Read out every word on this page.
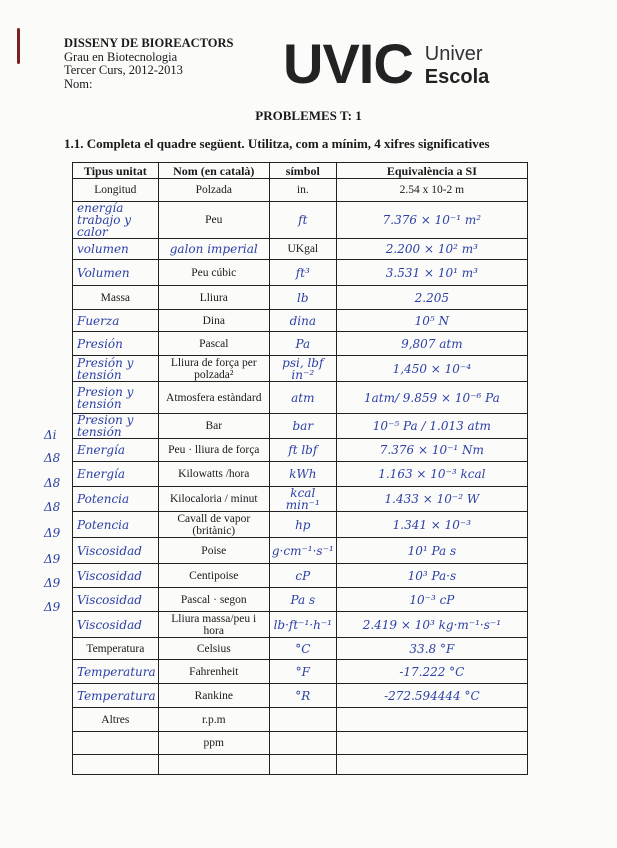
DISSENY DE BIOREACTORS
Grau en Biotecnologia
Tercer Curs, 2012-2013
Nom:	UVIC Univer
Escola
PROBLEMES T: 1
1.1. Completa el quadre següent. Utilitza, com a mínim, 4 xifres significatives
Tipus unitat	Nom (en català)	símbol	Equivalència a SI
Longitud	Polzada	in.	2.54 x 10-2 m
energía trabajo y calor	Peu	ft	7.376 × 10⁻¹ m²
volumen	galon imperial	UKgal	2.200 × 10² m³
Volumen	Peu cúbic	ft³	3.531 × 10¹ m³
Massa	Lliura	lb	2.205
Fuerza	Dina	dina	10⁵ N
Presión	Pascal	Pa	9,807 atm
Presión y tensión	Lliura de força per polzada²	psi, lbf in⁻²	1,450 × 10⁻⁴
Presion y tensión	Atmosfera estàndard	atm	1atm/ 9.859 × 10⁻⁶ Pa
Presion y tensión	Bar	bar	10⁻⁵ Pa / 1.013 atm
Energía	Peu · lliura de força	ft lbf	7.376 × 10⁻¹ Nm
Energía	Kilowatts /hora	kWh	1.163 × 10⁻³ kcal
Potencia	Kilocaloria / minut	kcal min⁻¹	1.433 × 10⁻² W
Potencia	Cavall de vapor (britànic)	hp	1.341 × 10⁻³
Viscosidad	Poise	g·cm⁻¹·s⁻¹	10¹ Pa s
Viscosidad	Centipoise	cP	10³ Pa·s
Viscosidad	Pascal · segon	Pa s	10⁻³ cP
Viscosidad	Lliura massa/peu i hora	lb·ft⁻¹·h⁻¹	2.419 × 10³ kg·m⁻¹·s⁻¹
Temperatura	Celsius	°C	33.8 °F
Temperatura	Fahrenheit	°F	-17.222 °C
Temperatura	Rankine	°R	-272.594444 °C
Altres	r.p.m		
	ppm		

Δi
Δ8
Δ8
Δ8
Δ9
Δ9
Δ9
Δ9
